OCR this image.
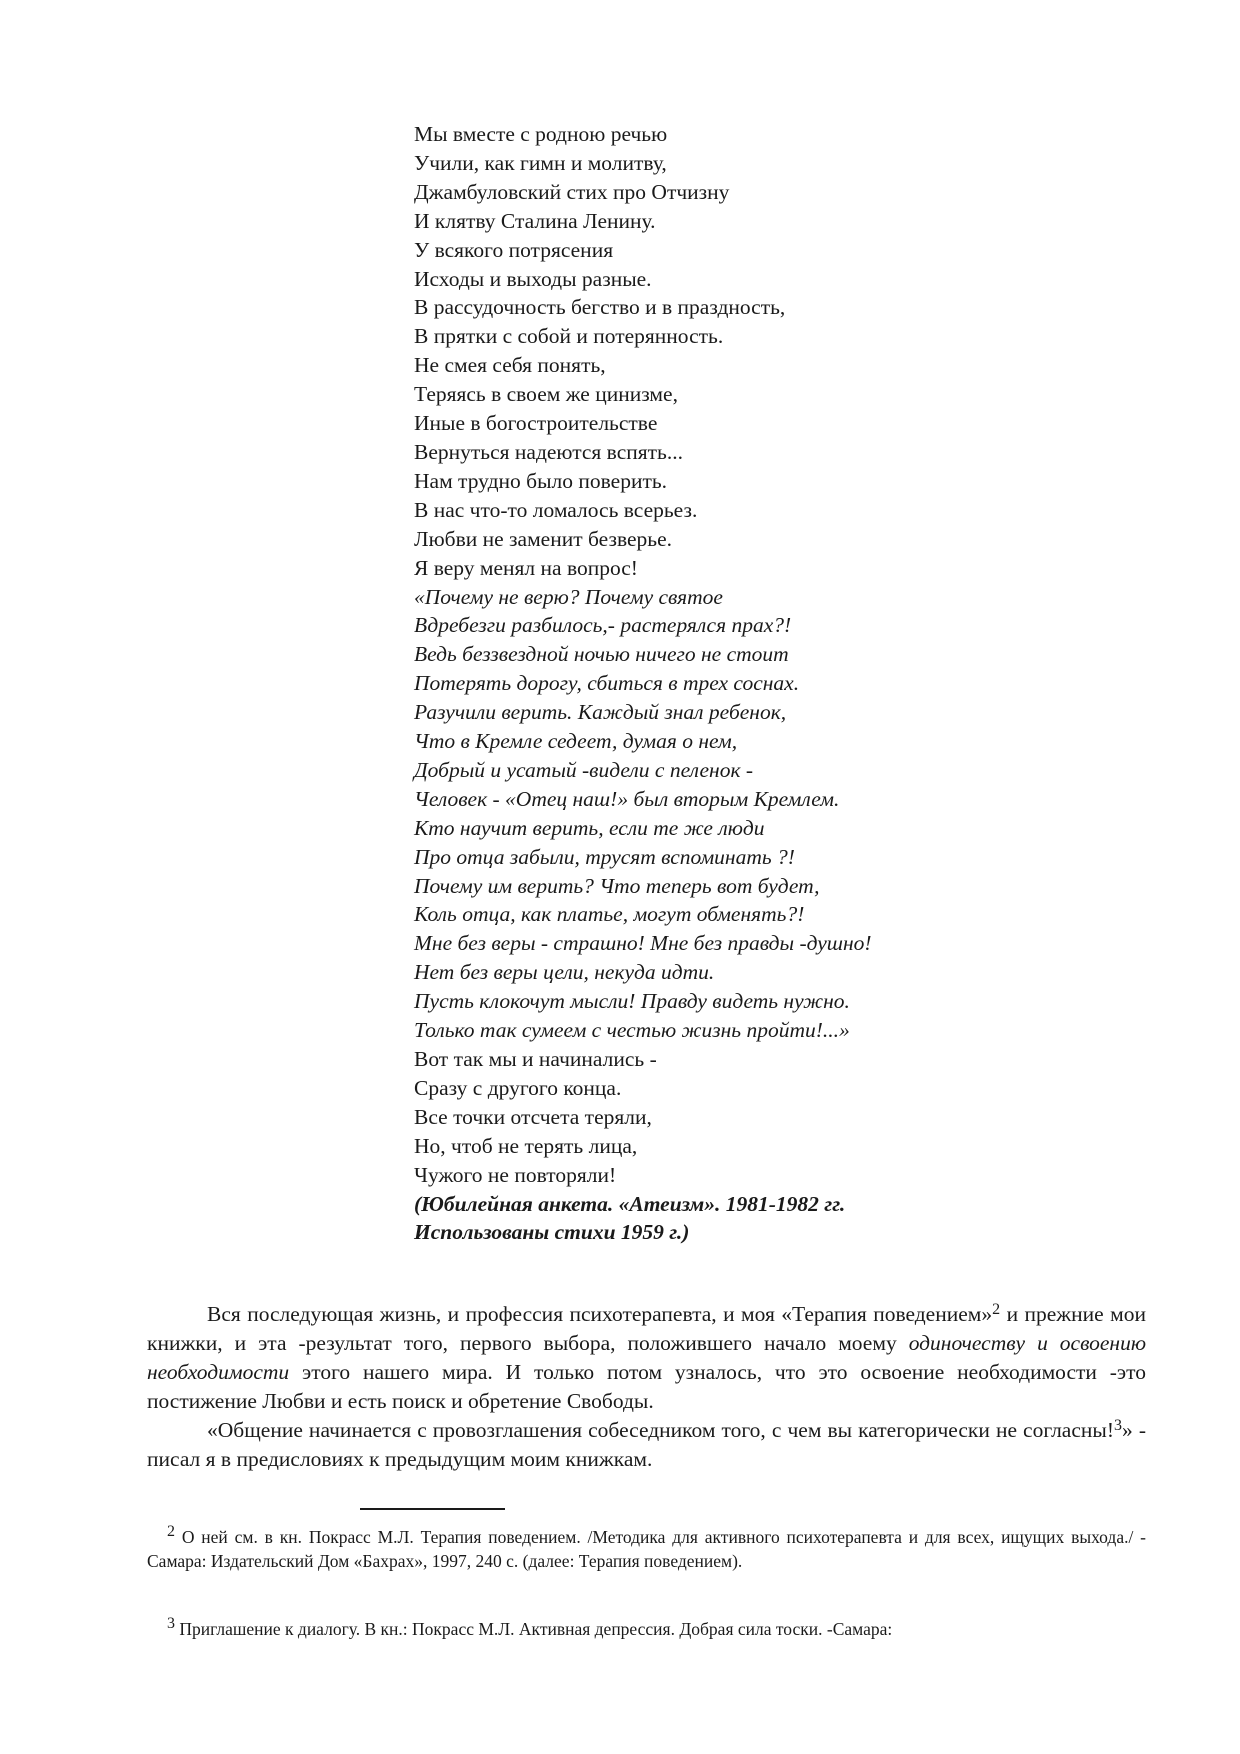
Мы вместе с родною речью
Учили, как гимн и молитву,
Джамбуловский стих про Отчизну
И клятву Сталина Ленину.
У всякого потрясения
Исходы и выходы разные.
В рассудочность бегство и в праздность,
В прятки с собой и потерянность.
Не смея себя понять,
Теряясь в своем же цинизме,
Иные в богостроительстве
Вернуться надеются вспять...
Нам трудно было поверить.
В нас что-то ломалось всерьез.
Любви не заменит безверье.
Я веру менял на вопрос!
«Почему не верю? Почему святое
Вдребезги разбилось,- растерялся прах?!
Ведь беззвездной ночью ничего не стоит
Потерять дорогу, сбиться в трех соснах.
Разучили верить. Каждый знал ребенок,
Что в Кремле седеет, думая о нем,
Добрый и усатый -видели с пеленок -
Человек - «Отец наш!» был вторым Кремлем.
Кто научит верить, если те же люди
Про отца забыли, трусят вспоминать ?!
Почему им верить? Что теперь вот будет,
Коль отца, как платье, могут обменять?!
Мне без веры - страшно! Мне без правды -душно!
Нет без веры цели, некуда идти.
Пусть клокочут мысли! Правду видеть нужно.
Только так сумеем с честью жизнь пройти!...»
Вот так мы и начинались -
Сразу с другого конца.
Все точки отсчета теряли,
Но, чтоб не терять лица,
Чужого не повторяли!
(Юбилейная анкета. «Атеизм». 1981-1982 гг.
Использованы стихи 1959 г.)

Вся последующая жизнь, и профессия психотерапевта, и моя «Терапия поведением»$^2$ и прежние мои книжки, и эта -результат того, первого выбора, положившего начало моему одиночеству и освоению необходимости этого нашего мира. И только потом узналось, что это освоение необходимости -это постижение Любви и есть поиск и обретение Свободы.

«Общение начинается с провозглашения собеседником того, с чем вы категорически не согласны!$^3$» - писал я в предисловиях к предыдущим моим книжкам.

$^2$ О ней см. в кн. Покрасс М.Л. Терапия поведением. /Методика для активного психотерапевта и для всех, ищущих выхода./ - Самара: Издательский Дом «Бахрах», 1997, 240 с. (далее: Терапия поведением).
$^3$ Приглашение к диалогу. В кн.: Покрасс М.Л. Активная депрессия. Добрая сила тоски. -Самара:
